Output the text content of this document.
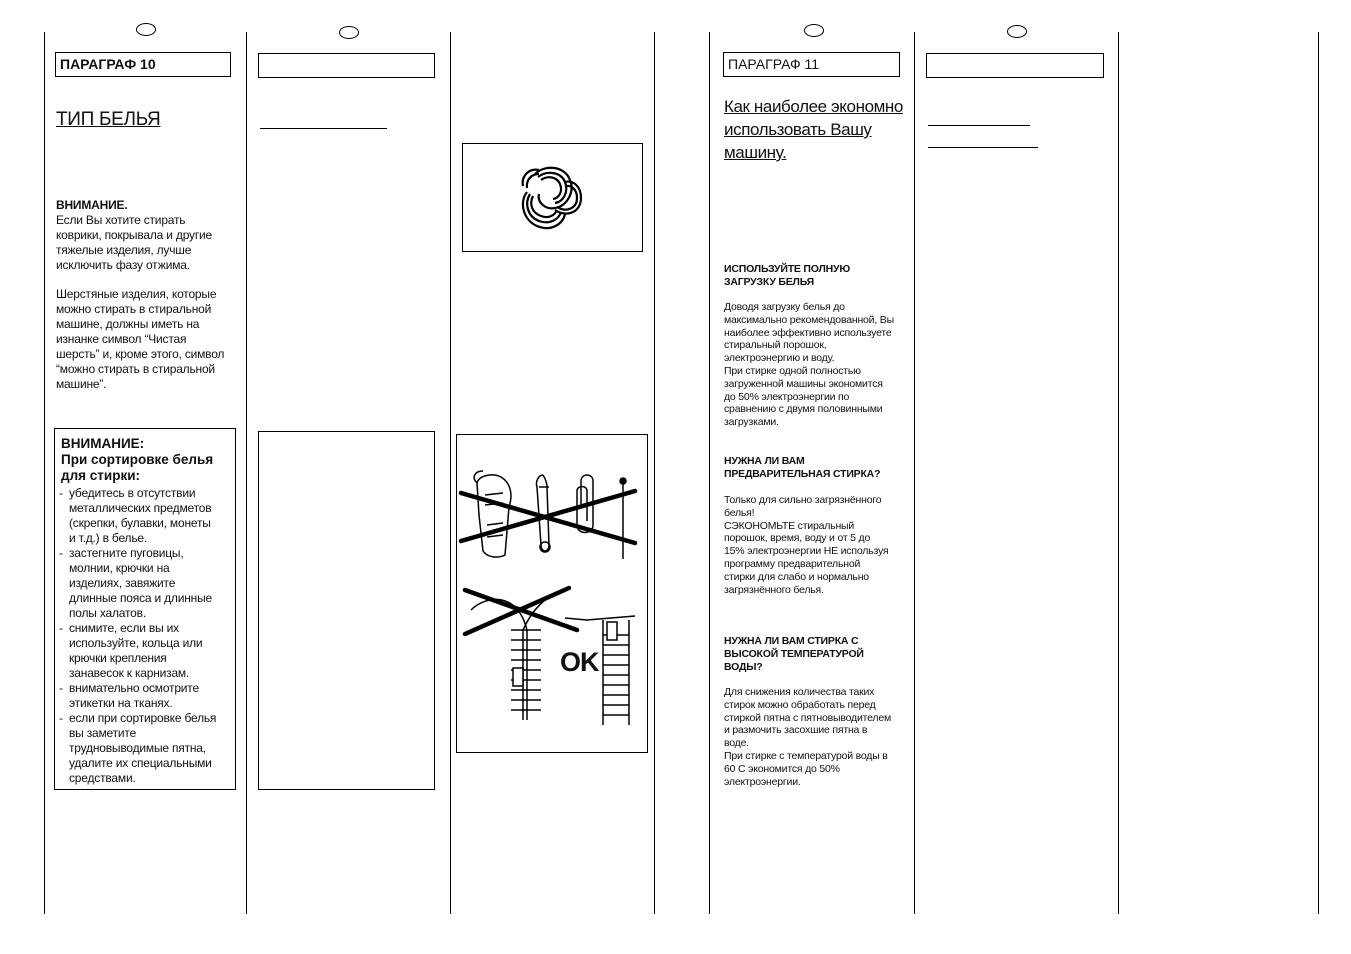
ПАРАГРАФ 10
ТИП БЕЛЬЯ
ВНИМАНИЕ.
Если Вы хотите стирать
коврики, покрывала и другие
тяжелые изделия, лучше
исключить фазу отжима.
Шерстяные изделия, которые
можно стирать в стиральной
машине, должны иметь на
изнанке символ “Чистая
шерсть” и, кроме этого, символ
“можно стирать в стиральной
машине”.
ВНИМАНИЕ:
При сортировке белья
для стирки:
- убедитесь в отсутствии
металлических предметов
(скрепки, булавки, монеты
и т.д.) в белье.
- застегните пуговицы,
молнии, крючки на
изделиях, завяжите
длинные пояса и длинные
полы халатов.
- снимите, если вы их
используйте, кольца или
крючки крепления
занавесок к карнизам.
- внимательно осмотрите
этикетки на тканях.
- если при сортировке белья
вы заметите
трудновыводимые пятна,
удалите их специальными
средствами.
OK
ПАРАГРАФ 11
Как наиболее экономно
использовать Вашу
машину.
ИСПОЛЬЗУЙТЕ ПОЛНУЮ
ЗАГРУЗКУ БЕЛЬЯ
Доводя загрузку белья до
максимально рекомендованной, Вы
наиболее эффективно используете
стиральный порошок,
электроэнергию и воду.
При стирке одной полностью
загруженной машины экономится
до 50% электроэнергии по
сравнению с двумя половинными
загрузками.
НУЖНА ЛИ ВАМ
ПРЕДВАРИТЕЛЬНАЯ СТИРКА?
Только для сильно загрязнённого
белья!
СЭКОНОМЬТЕ стиральный
порошок, время, воду и от 5 до
15% электроэнергии НЕ используя
программу предварительной
стирки для слабо и нормально
загрязнённого белья.
НУЖНА ЛИ ВАМ СТИРКА С
ВЫСОКОЙ ТЕМПЕРАТУРОЙ
ВОДЫ?
Для снижения количества таких
стирок можно обработать перед
стиркой пятна с пятновыводителем
и размочить засохшие пятна в
воде.
При стирке с температурой воды в
60 С экономится до 50%
электроэнергии.
